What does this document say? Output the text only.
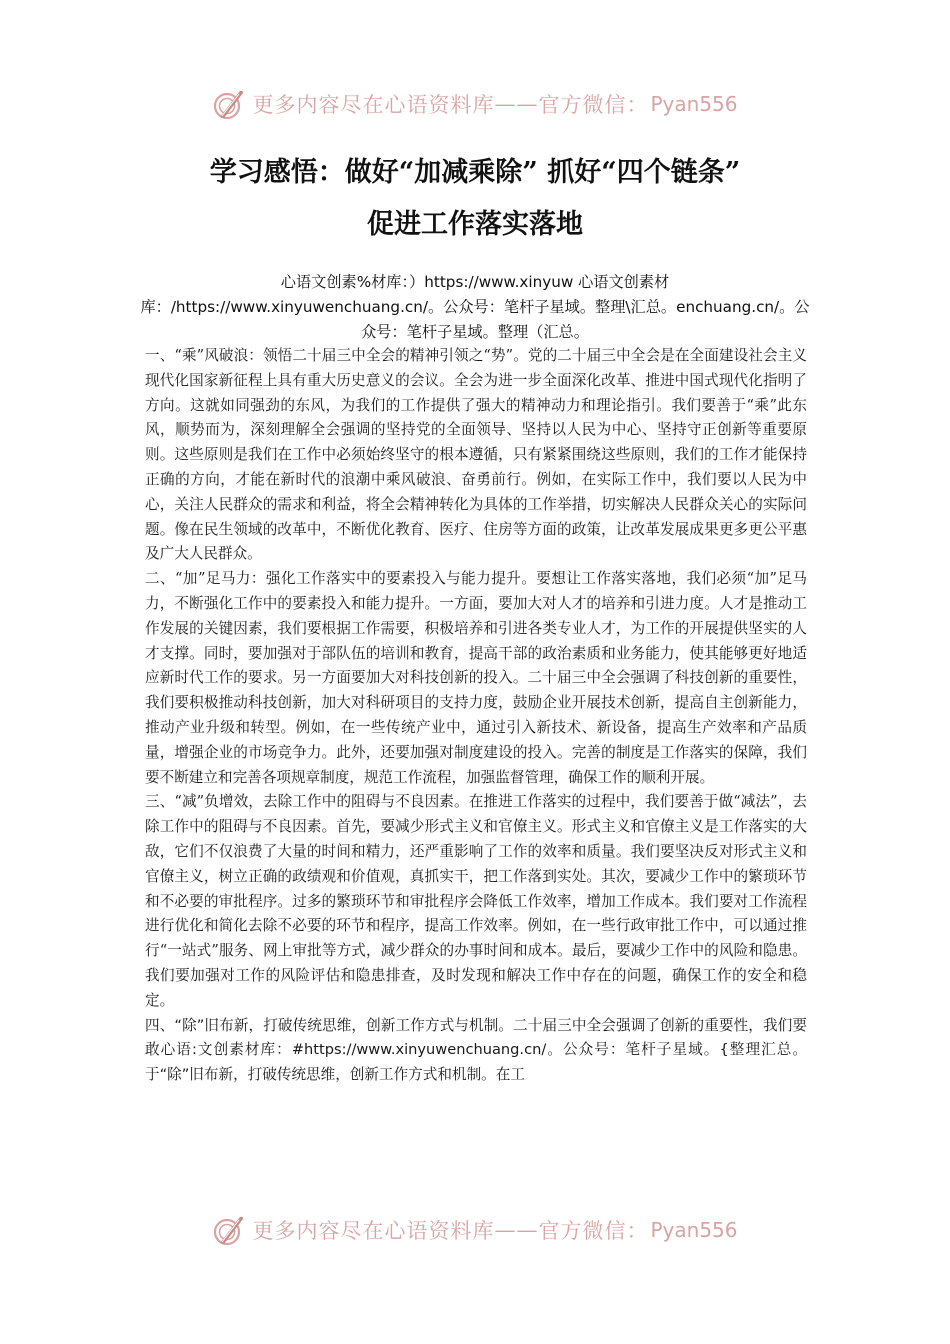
更多内容尽在心语资料库 —— 官方微信： Pyan556
学习感悟：做好“加减乘除” 抓好“四个链条”
促进工作落实落地
心语文创素%材库：）https://www.xinyuw 心语文创素材库：/https://www.xinyuwenchuang.cn/。公众号：笔杆子星域。整理\汇总。enchuang.cn/。公众号：笔杆子星域。整理（汇总。

一、“乘”风破浪：领悟二十届三中全会的精神引领之“势”。党的二十届三中全会是在全面建设社会主义现代化国家新征程上具有重大历史意义的会议。全会为进一步全面深化改革、推进中国式现代化指明了方向。这就如同强劲的东风，为我们的工作提供了强大的精神动力和理论指引。我们要善于“乘”此东风，顺势而为，深刻理解全会强调的坚持党的全面领导、坚持以人民为中心、坚持守正创新等重要原则。这些原则是我们在工作中必须始终坚守的根本遵循，只有紧紧围绕这些原则，我们的工作才能保持正确的方向，才能在新时代的浪潮中乘风破浪、奋勇前行。例如，在实际工作中，我们要以人民为中心，关注人民群众的需求和利益，将全会精神转化为具体的工作举措，切实解决人民群众关心的实际问题。像在民生领域的改革中，不断优化教育、医疗、住房等方面的政策，让改革发展成果更多更公平惠及广大人民群众。

二、“加”足马力：强化工作落实中的要素投入与能力提升。要想让工作落实落地，我们必须“加”足马力，不断强化工作中的要素投入和能力提升。一方面，要加大对人才的培养和引进力度。人才是推动工作发展的关键因素，我们要根据工作需要，积极培养和引进各类专业人才，为工作的开展提供坚实的人才支撑。同时，要加强对于部队伍的培训和教育，提高干部的政治素质和业务能力，使其能够更好地适应新时代工作的要求。另一方面要加大对科技创新的投入。二十届三中全会强调了科技创新的重要性，我们要积极推动科技创新，加大对科研项目的支持力度，鼓励企业开展技术创新，提高自主创新能力，推动产业升级和转型。例如，在一些传统产业中，通过引入新技术、新设备，提高生产效率和产品质量，增强企业的市场竞争力。此外，还要加强对制度建设的投入。完善的制度是工作落实的保障，我们要不断建立和完善各项规章制度，规范工作流程，加强监督管理，确保工作的顺利开展。

三、“减”负增效，去除工作中的阻碍与不良因素。在推进工作落实的过程中，我们要善于做“减法”，去除工作中的阻碍与不良因素。首先，要减少形式主义和官僚主义。形式主义和官僚主义是工作落实的大敌，它们不仅浪费了大量的时间和精力，还严重影响了工作的效率和质量。我们要坚决反对形式主义和官僚主义，树立正确的政绩观和价值观，真抓实干，把工作落到实处。其次，要减少工作中的繁琐环节和不必要的审批程序。过多的繁琐环节和审批程序会降低工作效率，增加工作成本。我们要对工作流程进行优化和简化去除不必要的环节和程序，提高工作效率。例如，在一些行政审批工作中，可以通过推行“一站式”服务、网上审批等方式，减少群众的办事时间和成本。最后，要减少工作中的风险和隐患。我们要加强对工作的风险评估和隐患排查，及时发现和解决工作中存在的问题，确保工作的安全和稳定。

四、“除”旧布新，打破传统思维，创新工作方式与机制。二十届三中全会强调了创新的重要性，我们要敢心语:文创素材库：#https://www.xinyuwenchuang.cn/。公众号：笔杆子星域。{整理汇总。于“除”旧布新，打破传统思维，创新工作方式和机制。在工

更多内容尽在心语资料库 —— 官方微信： Pyan556
